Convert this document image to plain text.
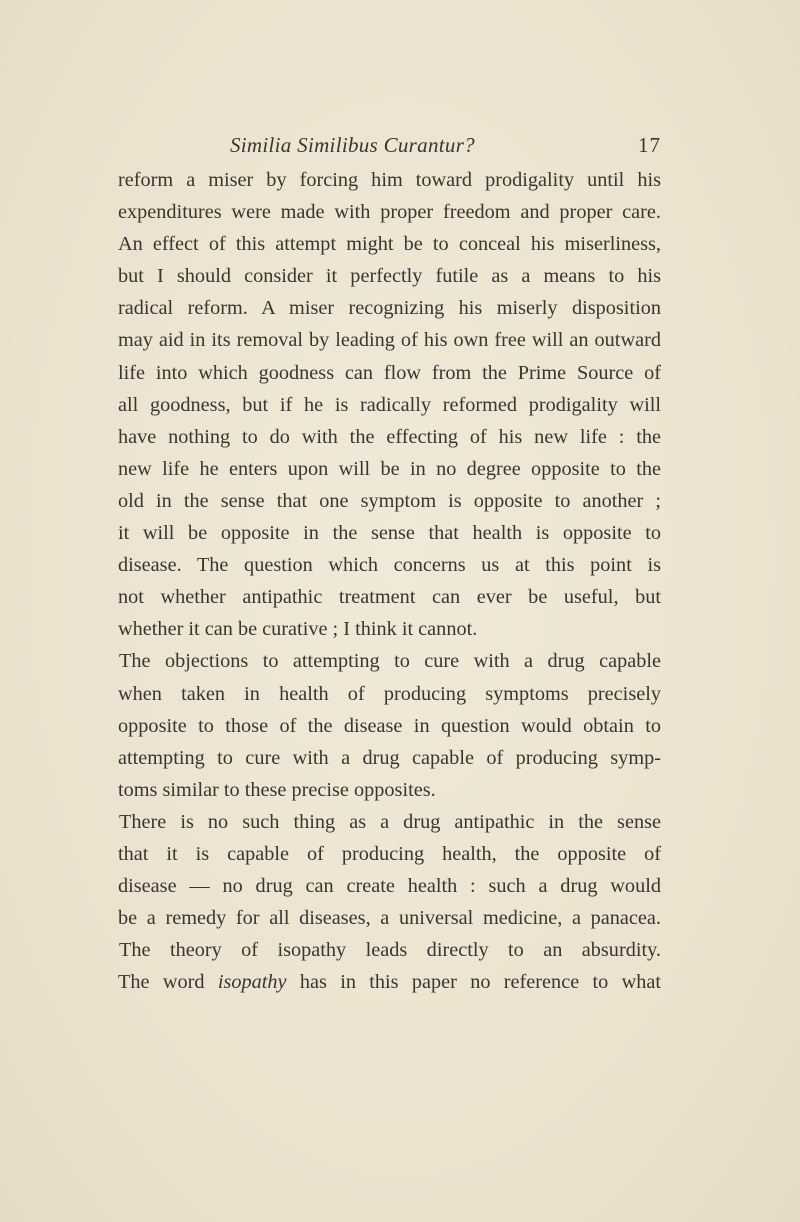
Similia Similibus Curantur?	17
reform a miser by forcing him toward prodigality until his
expenditures were made with proper freedom and proper care.
An effect of this attempt might be to conceal his miserliness,
but I should consider it perfectly futile as a means to his
radical reform. A miser recognizing his miserly disposition
may aid in its removal by leading of his own free will an outward
life into which goodness can flow from the Prime Source of
all goodness, but if he is radically reformed prodigality will
have nothing to do with the effecting of his new life : the
new life he enters upon will be in no degree opposite to the
old in the sense that one symptom is opposite to another ;
it will be opposite in the sense that health is opposite to
disease. The question which concerns us at this point is
not whether antipathic treatment can ever be useful, but
whether it can be curative ; I think it cannot.
The objections to attempting to cure with a drug capable
when taken in health of producing symptoms precisely
opposite to those of the disease in question would obtain to
attempting to cure with a drug capable of producing symp-
toms similar to these precise opposites.
There is no such thing as a drug antipathic in the sense
that it is capable of producing health, the opposite of
disease — no drug can create health : such a drug would
be a remedy for all diseases, a universal medicine, a panacea.
The theory of isopathy leads directly to an absurdity.
The word isopathy has in this paper no reference to what
